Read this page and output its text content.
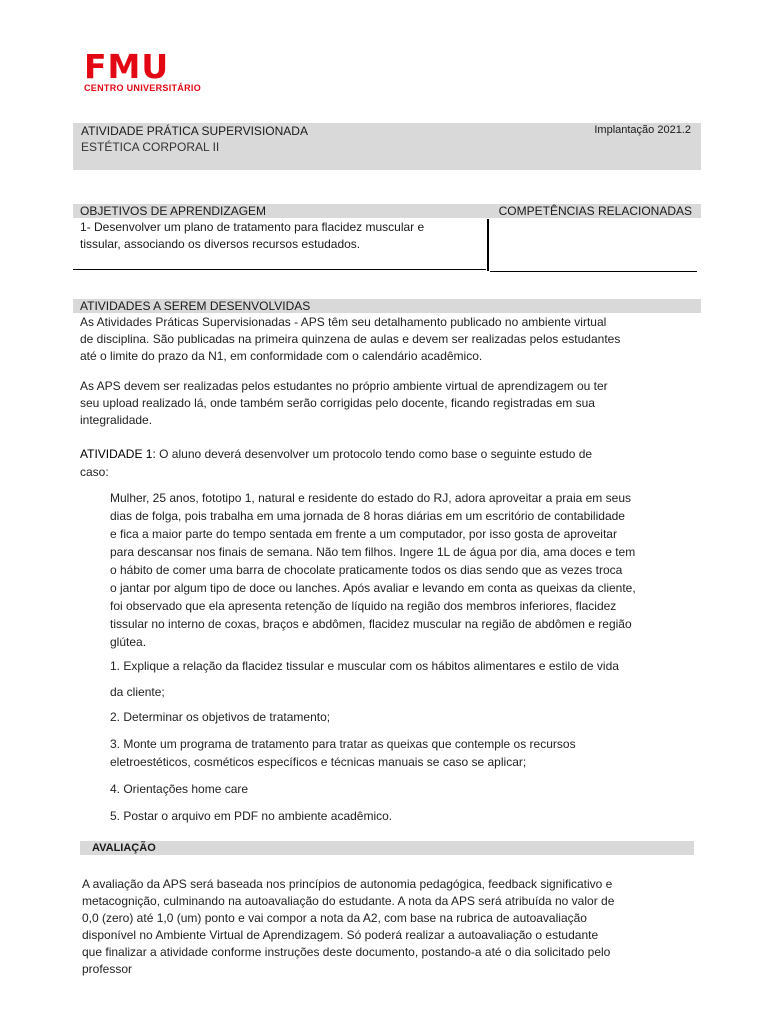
FMU
CENTRO UNIVERSITÁRIO
ATIVIDADE PRÁTICA SUPERVISIONADA
ESTÉTICA CORPORAL II
Implantação 2021.2
OBJETIVOS DE APRENDIZAGEM	COMPETÊNCIAS RELACIONADAS
1- Desenvolver um plano de tratamento para flacidez muscular e
tissular, associando os diversos recursos estudados.
ATIVIDADES A SEREM DESENVOLVIDAS
As Atividades Práticas Supervisionadas - APS têm seu detalhamento publicado no ambiente virtual
de disciplina. São publicadas na primeira quinzena de aulas e devem ser realizadas pelos estudantes
até o limite do prazo da N1, em conformidade com o calendário acadêmico.
As APS devem ser realizadas pelos estudantes no próprio ambiente virtual de aprendizagem ou ter
seu upload realizado lá, onde também serão corrigidas pelo docente, ficando registradas em sua
integralidade.
ATIVIDADE 1: O aluno deverá desenvolver um protocolo tendo como base o seguinte estudo de
caso:
Mulher, 25 anos, fototipo 1, natural e residente do estado do RJ, adora aproveitar a praia em seus
dias de folga, pois trabalha em uma jornada de 8 horas diárias em um escritório de contabilidade
e fica a maior parte do tempo sentada em frente a um computador, por isso gosta de aproveitar
para descansar nos finais de semana. Não tem filhos. Ingere 1L de água por dia, ama doces e tem
o hábito de comer uma barra de chocolate praticamente todos os dias sendo que as vezes troca
o jantar por algum tipo de doce ou lanches. Após avaliar e levando em conta as queixas da cliente,
foi observado que ela apresenta retenção de líquido na região dos membros inferiores, flacidez
tissular no interno de coxas, braços e abdômen, flacidez muscular na região de abdômen e região
glútea.
1. Explique a relação da flacidez tissular e muscular com os hábitos alimentares e estilo de vida
da cliente;
2. Determinar os objetivos de tratamento;
3. Monte um programa de tratamento para tratar as queixas que contemple os recursos
eletroestéticos, cosméticos específicos e técnicas manuais se caso se aplicar;
4. Orientações home care
5. Postar o arquivo em PDF no ambiente acadêmico.
AVALIAÇÃO
A avaliação da APS será baseada nos princípios de autonomia pedagógica, feedback significativo e
metacognição, culminando na autoavaliação do estudante. A nota da APS será atribuída no valor de
0,0 (zero) até 1,0 (um) ponto e vai compor a nota da A2, com base na rubrica de autoavaliação
disponível no Ambiente Virtual de Aprendizagem. Só poderá realizar a autoavaliação o estudante
que finalizar a atividade conforme instruções deste documento, postando-a até o dia solicitado pelo
professor
